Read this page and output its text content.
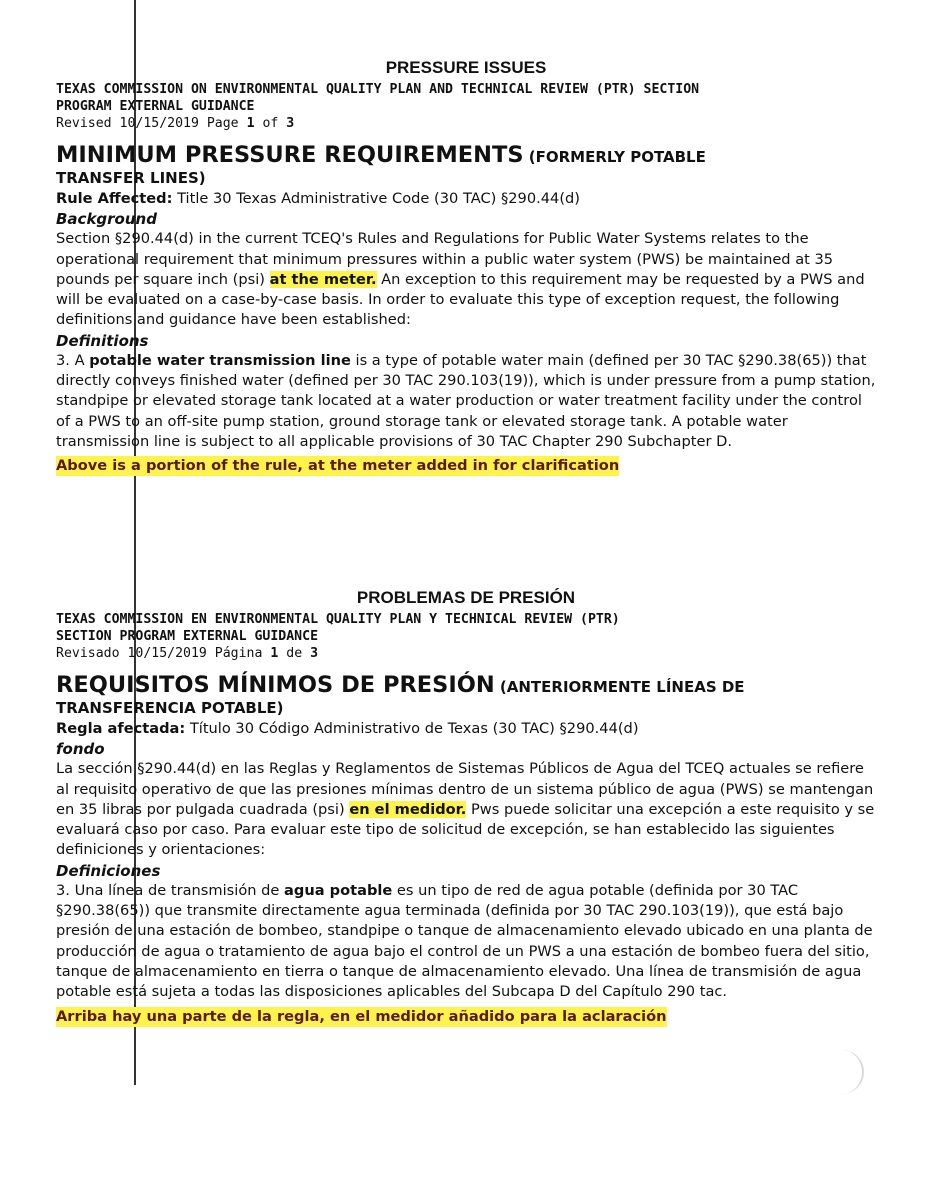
PRESSURE ISSUES
TEXAS COMMISSION ON ENVIRONMENTAL QUALITY PLAN AND TECHNICAL REVIEW (PTR) SECTION
PROGRAM EXTERNAL GUIDANCE
Revised 10/15/2019 Page 1 of 3
MINIMUM PRESSURE REQUIREMENTS (FORMERLY POTABLE
TRANSFER LINES)
Rule Affected: Title 30 Texas Administrative Code (30 TAC) §290.44(d)
Background
Section §290.44(d) in the current TCEQ's Rules and Regulations for Public Water Systems relates to the operational requirement that minimum pressures within a public water system (PWS) be maintained at 35 pounds per square inch (psi) at the meter. An exception to this requirement may be requested by a PWS and will be evaluated on a case-by-case basis. In order to evaluate this type of exception request, the following definitions and guidance have been established:
Definitions
3. A potable water transmission line is a type of potable water main (defined per 30 TAC §290.38(65)) that directly conveys finished water (defined per 30 TAC 290.103(19)), which is under pressure from a pump station, standpipe or elevated storage tank located at a water production or water treatment facility under the control of a PWS to an off-site pump station, ground storage tank or elevated storage tank. A potable water transmission line is subject to all applicable provisions of 30 TAC Chapter 290 Subchapter D.
Above is a portion of the rule, at the meter added in for clarification
PROBLEMAS DE PRESIÓN
TEXAS COMMISSION EN ENVIRONMENTAL QUALITY PLAN Y TECHNICAL REVIEW (PTR)
SECTION PROGRAM EXTERNAL GUIDANCE
Revisado 10/15/2019 Página 1 de 3
REQUISITOS MÍNIMOS DE PRESIÓN (ANTERIORMENTE LÍNEAS DE
TRANSFERENCIA POTABLE)
Regla afectada: Título 30 Código Administrativo de Texas (30 TAC) §290.44(d)
fondo
La sección §290.44(d) en las Reglas y Reglamentos de Sistemas Públicos de Agua del TCEQ actuales se refiere al requisito operativo de que las presiones mínimas dentro de un sistema público de agua (PWS) se mantengan en 35 libras por pulgada cuadrada (psi) en el medidor. Pws puede solicitar una excepción a este requisito y se evaluará caso por caso. Para evaluar este tipo de solicitud de excepción, se han establecido las siguientes definiciones y orientaciones:
Definiciones
3. Una línea de transmisión de agua potable es un tipo de red de agua potable (definida por 30 TAC §290.38(65)) que transmite directamente agua terminada (definida por 30 TAC 290.103(19)), que está bajo presión de una estación de bombeo, standpipe o tanque de almacenamiento elevado ubicado en una planta de producción de agua o tratamiento de agua bajo el control de un PWS a una estación de bombeo fuera del sitio, tanque de almacenamiento en tierra o tanque de almacenamiento elevado. Una línea de transmisión de agua potable está sujeta a todas las disposiciones aplicables del Subcapa D del Capítulo 290 tac.
Arriba hay una parte de la regla, en el medidor añadido para la aclaración
